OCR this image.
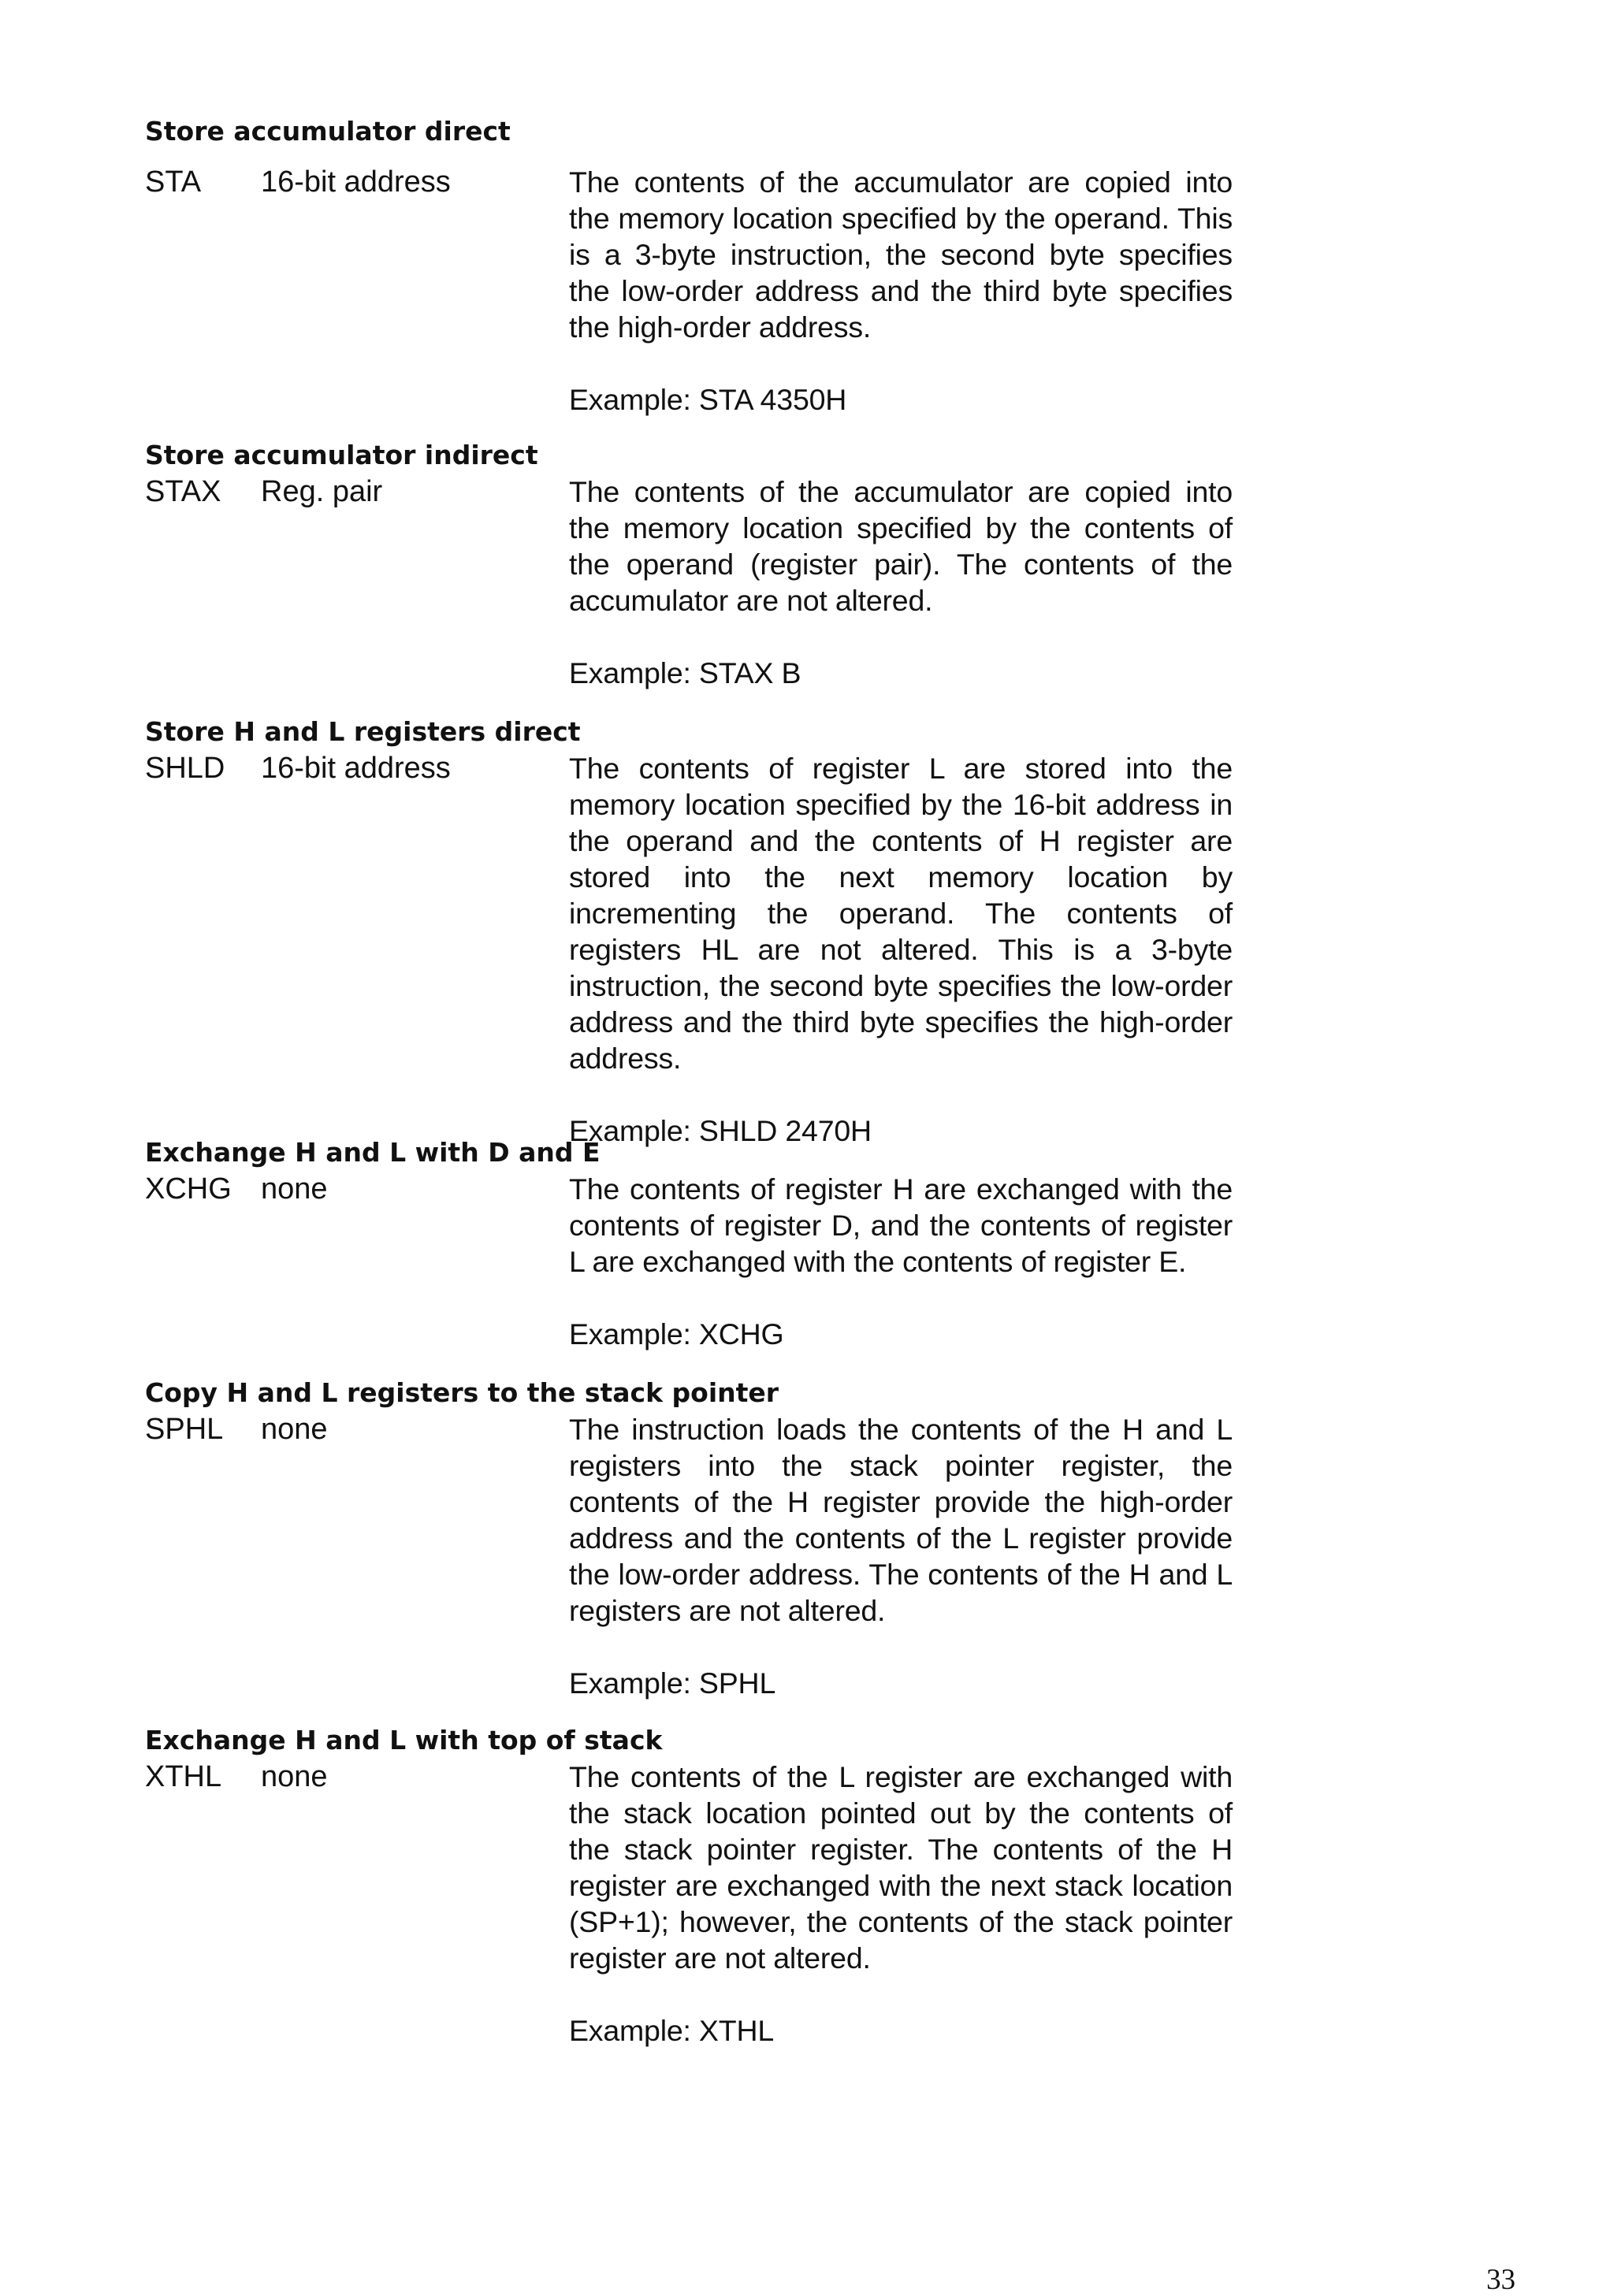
Store accumulator direct
STA 16-bit address	The contents of the accumulator are copied into the memory location specified by the operand. This is a 3-byte instruction, the second byte specifies the low-order address and the third byte specifies the high-order address.

Example: STA 4350H

Store accumulator indirect
STAX Reg. pair	The contents of the accumulator are copied into the memory location specified by the contents of the operand (register pair). The contents of the accumulator are not altered.

Example: STAX B

Store H and L registers direct
SHLD 16-bit address	The contents of register L are stored into the memory location specified by the 16-bit address in the operand and the contents of H register are stored into the next memory location by incrementing the operand. The contents of registers HL are not altered. This is a 3-byte instruction, the second byte specifies the low-order address and the third byte specifies the high-order address.

Example: SHLD 2470H

Exchange H and L with D and E
XCHG none	The contents of register H are exchanged with the contents of register D, and the contents of register L are exchanged with the contents of register E.

Example: XCHG

Copy H and L registers to the stack pointer
SPHL none	The instruction loads the contents of the H and L registers into the stack pointer register, the contents of the H register provide the high-order address and the contents of the L register provide the low-order address. The contents of the H and L registers are not altered.

Example: SPHL

Exchange H and L with top of stack
XTHL none	The contents of the L register are exchanged with the stack location pointed out by the contents of the stack pointer register. The contents of the H register are exchanged with the next stack location (SP+1); however, the contents of the stack pointer register are not altered.

Example: XTHL

33
